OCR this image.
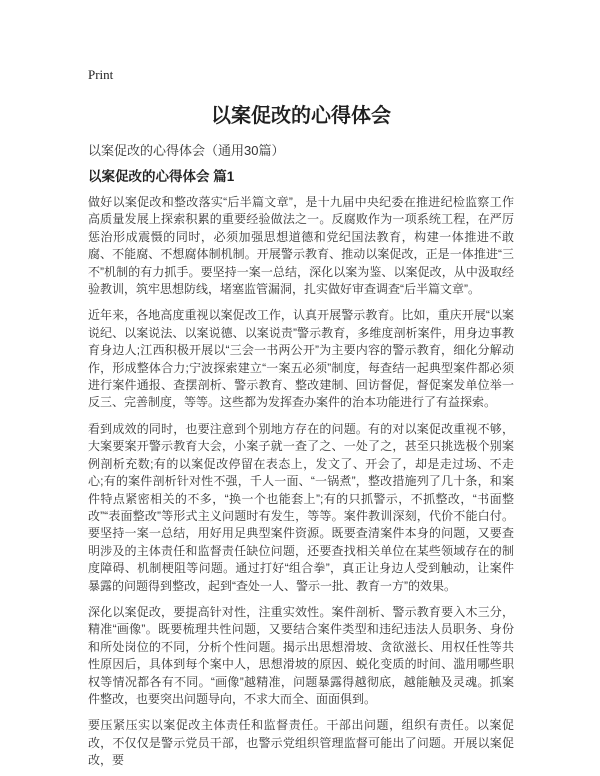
Print
以案促改的心得体会
以案促改的心得体会（通用30篇）
以案促改的心得体会 篇1

做好以案促改和整改落实“后半篇文章”，是十九届中央纪委在推进纪检监察工作高质量发展上探索积累的重要经验做法之一。反腐败作为一项系统工程，在严厉惩治形成震慑的同时，必须加强思想道德和党纪国法教育，构建一体推进不敢腐、不能腐、不想腐体制机制。开展警示教育、推动以案促改，正是一体推进“三不”机制的有力抓手。要坚持一案一总结，深化以案为鉴、以案促改，从中汲取经验教训，筑牢思想防线，堵塞监管漏洞，扎实做好审查调查“后半篇文章”。

近年来，各地高度重视以案促改工作，认真开展警示教育。比如，重庆开展“以案说纪、以案说法、以案说德、以案说责”警示教育，多维度剖析案件，用身边事教育身边人;江西积极开展以“三会一书两公开”为主要内容的警示教育，细化分解动作，形成整体合力;宁波探索建立“一案五必须”制度，每查结一起典型案件都必须进行案件通报、查摆剖析、警示教育、整改建制、回访督促，督促案发单位举一反三、完善制度，等等。这些都为发挥查办案件的治本功能进行了有益探索。

看到成效的同时，也要注意到个别地方存在的问题。有的对以案促改重视不够，大案要案开警示教育大会，小案子就一查了之、一处了之，甚至只挑选极个别案例剖析充数;有的以案促改停留在表态上，发文了、开会了，却是走过场、不走心;有的案件剖析针对性不强，千人一面、“一锅煮”，整改措施列了几十条，和案件特点紧密相关的不多，“换一个也能套上”;有的只抓警示，不抓整改，“书面整改”“表面整改”等形式主义问题时有发生，等等。案件教训深刻，代价不能白付。要坚持一案一总结，用好用足典型案件资源。既要查清案件本身的问题，又要查明涉及的主体责任和监督责任缺位问题，还要查找相关单位在某些领域存在的制度障碍、机制梗阻等问题。通过打好“组合拳”，真正让身边人受到触动，让案件暴露的问题得到整改，起到“查处一人、警示一批、教育一方”的效果。

深化以案促改，要提高针对性，注重实效性。案件剖析、警示教育要入木三分，精准“画像”。既要梳理共性问题，又要结合案件类型和违纪违法人员职务、身份和所处岗位的不同，分析个性问题。揭示出思想滑坡、贪欲滋长、用权任性等共性原因后，具体到每个案中人，思想滑坡的原因、蜕化变质的时间、滥用哪些职权等情况都各有不同。“画像”越精准，问题暴露得越彻底，越能触及灵魂。抓案件整改，也要突出问题导向，不求大而全、面面俱到。

要压紧压实以案促改主体责任和监督责任。干部出问题，组织有责任。以案促改，不仅仅是警示党员干部，也警示党组织管理监督可能出了问题。开展以案促改，要
